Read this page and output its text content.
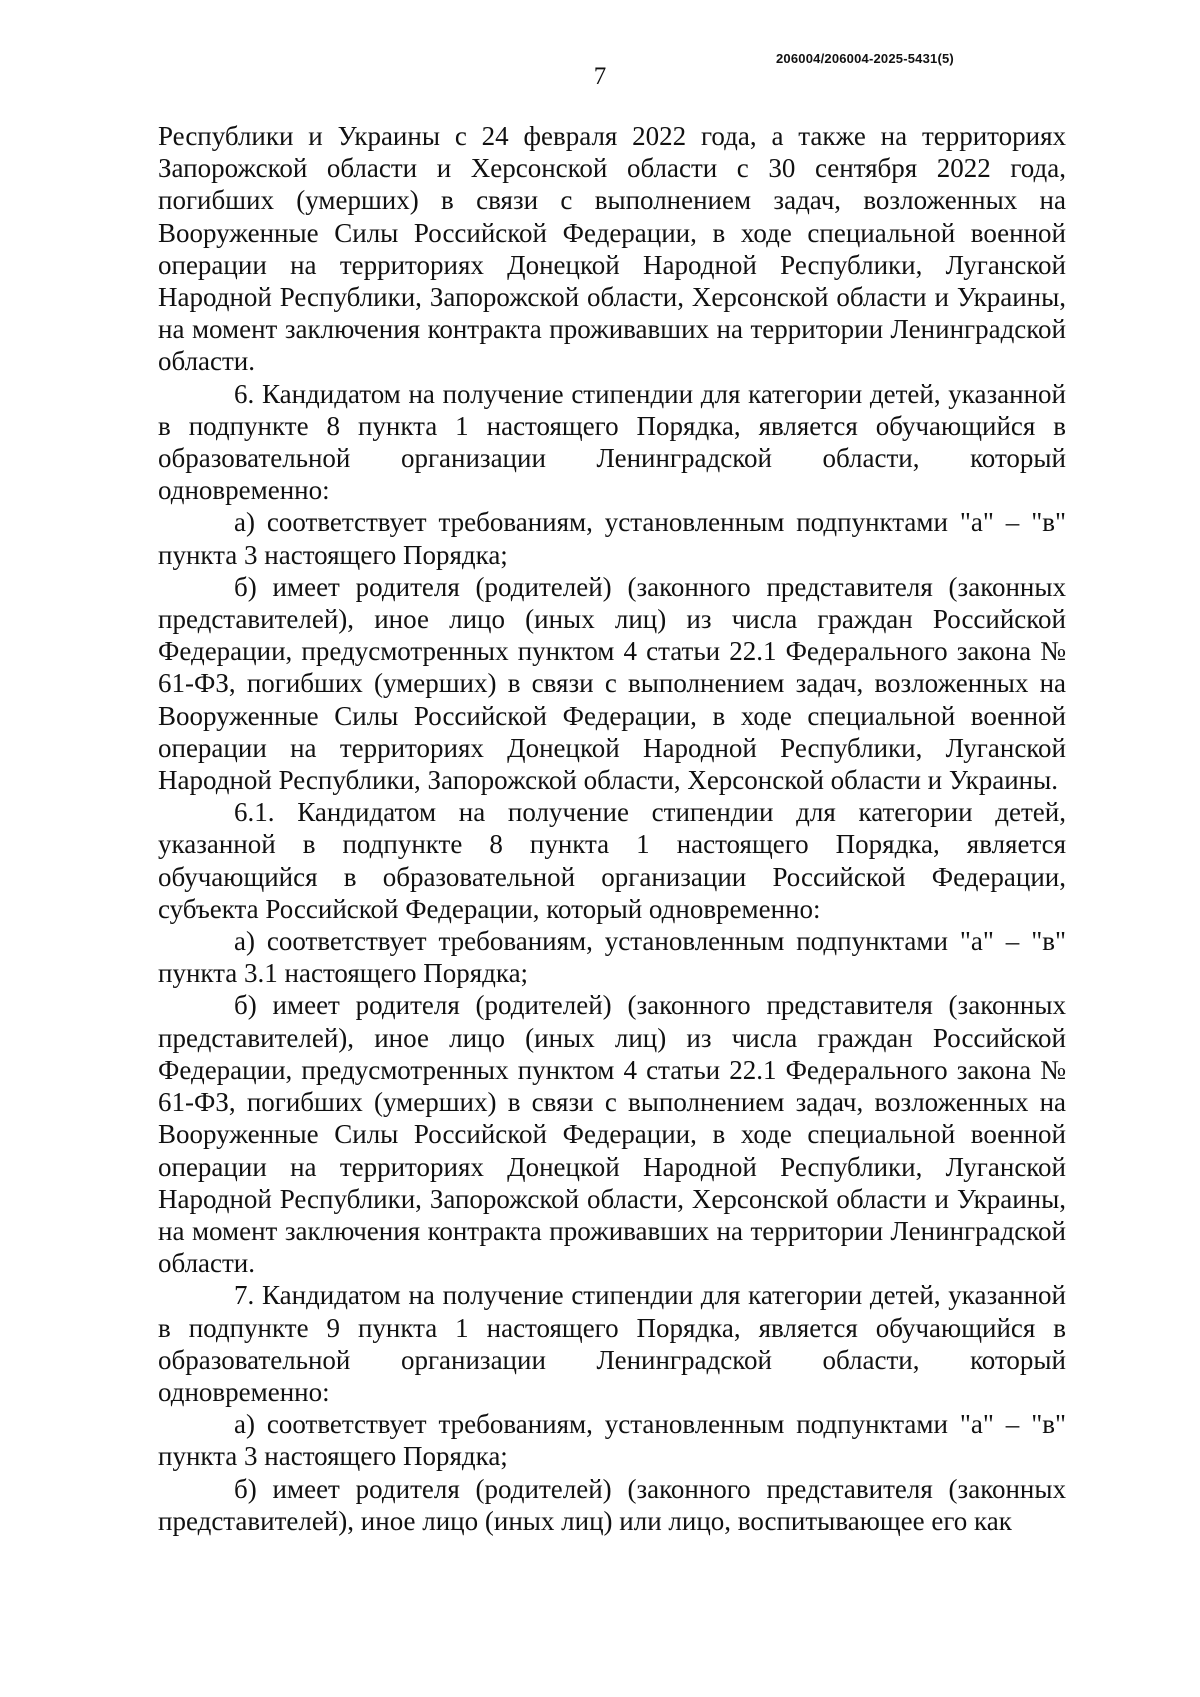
7
206004/206004-2025-5431(5)

Республики и Украины с 24 февраля 2022 года, а также на территориях Запорожской области и Херсонской области с 30 сентября 2022 года, погибших (умерших) в связи с выполнением задач, возложенных на Вооруженные Силы Российской Федерации, в ходе специальной военной операции на территориях Донецкой Народной Республики, Луганской Народной Республики, Запорожской области, Херсонской области и Украины, на момент заключения контракта проживавших на территории Ленинградской области.

6. Кандидатом на получение стипендии для категории детей, указанной в подпункте 8 пункта 1 настоящего Порядка, является обучающийся в образовательной организации Ленинградской области, который одновременно:

а) соответствует требованиям, установленным подпунктами "а" – "в" пункта 3 настоящего Порядка;

б) имеет родителя (родителей) (законного представителя (законных представителей), иное лицо (иных лиц) из числа граждан Российской Федерации, предусмотренных пунктом 4 статьи 22.1 Федерального закона № 61-ФЗ, погибших (умерших) в связи с выполнением задач, возложенных на Вооруженные Силы Российской Федерации, в ходе специальной военной операции на территориях Донецкой Народной Республики, Луганской Народной Республики, Запорожской области, Херсонской области и Украины.

6.1. Кандидатом на получение стипендии для категории детей, указанной в подпункте 8 пункта 1 настоящего Порядка, является обучающийся в образовательной организации Российской Федерации, субъекта Российской Федерации, который одновременно:

а) соответствует требованиям, установленным подпунктами "а" – "в" пункта 3.1 настоящего Порядка;

б) имеет родителя (родителей) (законного представителя (законных представителей), иное лицо (иных лиц) из числа граждан Российской Федерации, предусмотренных пунктом 4 статьи 22.1 Федерального закона № 61-ФЗ, погибших (умерших) в связи с выполнением задач, возложенных на Вооруженные Силы Российской Федерации, в ходе специальной военной операции на территориях Донецкой Народной Республики, Луганской Народной Республики, Запорожской области, Херсонской области и Украины, на момент заключения контракта проживавших на территории Ленинградской области.

7. Кандидатом на получение стипендии для категории детей, указанной в подпункте 9 пункта 1 настоящего Порядка, является обучающийся в образовательной организации Ленинградской области, который одновременно:

а) соответствует требованиям, установленным подпунктами "а" – "в" пункта 3 настоящего Порядка;

б) имеет родителя (родителей) (законного представителя (законных представителей), иное лицо (иных лиц) или лицо, воспитывающее его как
